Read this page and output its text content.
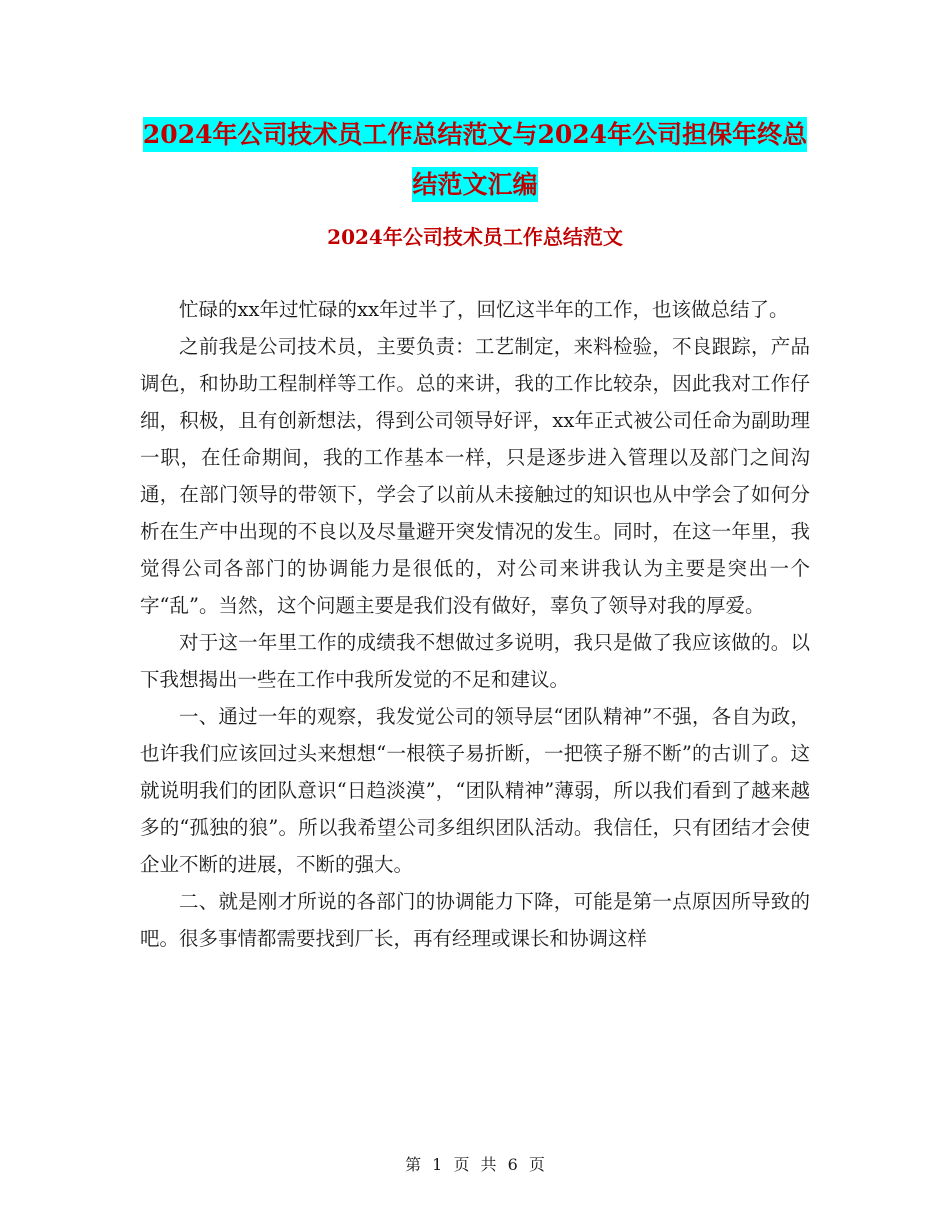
2024年公司技术员工作总结范文与2024年公司担保年终总结范文汇编
2024年公司技术员工作总结范文

忙碌的xx年过忙碌的xx年过半了，回忆这半年的工作，也该做总结了。

之前我是公司技术员，主要负责：工艺制定，来料检验，不良跟踪，产品调色，和协助工程制样等工作。总的来讲，我的工作比较杂，因此我对工作仔细，积极，且有创新想法，得到公司领导好评，xx年正式被公司任命为副助理一职，在任命期间，我的工作基本一样，只是逐步进入管理以及部门之间沟通，在部门领导的带领下，学会了以前从未接触过的知识也从中学会了如何分析在生产中出现的不良以及尽量避开突发情况的发生。同时，在这一年里，我觉得公司各部门的协调能力是很低的，对公司来讲我认为主要是突出一个字“乱”。当然，这个问题主要是我们没有做好，辜负了领导对我的厚爱。

对于这一年里工作的成绩我不想做过多说明，我只是做了我应该做的。以下我想揭出一些在工作中我所发觉的不足和建议。

一、通过一年的观察，我发觉公司的领导层“团队精神”不强，各自为政，也许我们应该回过头来想想“一根筷子易折断，一把筷子掰不断”的古训了。这就说明我们的团队意识“日趋淡漠”，“团队精神”薄弱，所以我们看到了越来越多的“孤独的狼”。所以我希望公司多组织团队活动。我信任，只有团结才会使企业不断的进展，不断的强大。

二、就是刚才所说的各部门的协调能力下降，可能是第一点原因所导致的吧。很多事情都需要找到厂长，再有经理或课长和协调这样

第 1 页 共 6 页
